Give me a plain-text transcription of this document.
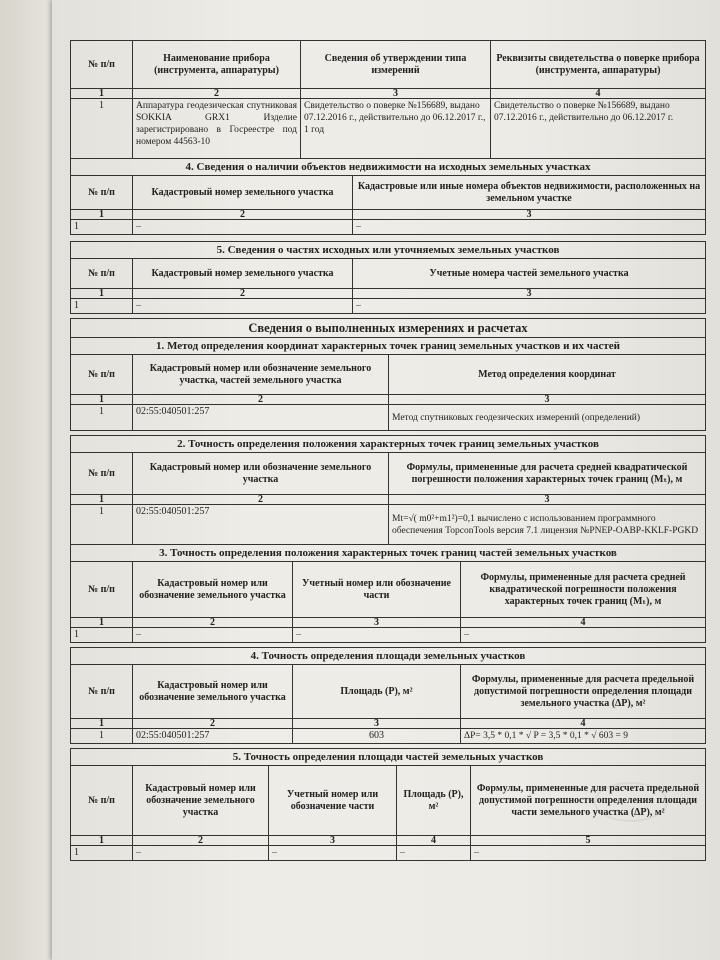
№ п/п	Наименование прибора (инструмента, аппаратуры)	Сведения об утверждении типа измерений	Реквизиты свидетельства о поверке прибора (инструмента, аппаратуры)
1	2	3	4
1	Аппаратура геодезическая спутниковая SOKKIA GRX1 Изделие зарегистрировано в Госреестре под номером 44563-10	Свидетельство о поверке №156689, выдано 07.12.2016 г., действительно до 06.12.2017 г., 1 год	Свидетельство о поверке №156689, выдано 07.12.2016 г., действительно до 06.12.2017 г.
4. Сведения о наличии объектов недвижимости на исходных земельных участках		
№ п/п	Кадастровый номер земельного участка	Кадастровые или иные номера объектов недвижимости, расположенных на земельном участке
1	2	3
1	–	–
5. Сведения о частях исходных или уточняемых земельных участков		
№ п/п	Кадастровый номер земельного участка	Учетные номера частей земельного участка
1	2	3
1	–	–
Сведения о выполненных измерениях и расчетах
1. Метод определения координат характерных точек границ земельных участков и их частей		
№ п/п	Кадастровый номер или обозначение земельного участка, частей земельного участка	Метод определения координат
1	2	3
1	02:55:040501:257	Метод спутниковых геодезических измерений (определений)
2. Точность определения положения характерных точек границ земельных участков		
№ п/п	Кадастровый номер или обозначение земельного участка	Формулы, примененные для расчета средней квадратической погрешности положения характерных точек границ (Mₜ), м
1	2	3
1	02:55:040501:257	Mt=√( m0²+m1²)=0,1 вычислено с использованием программного обеспечения TopconTools версия 7.1 лицензия №PNEP-OABP-KKLF-PGKD
3. Точность определения положения характерных точек границ частей земельных участков			
№ п/п	Кадастровый номер или обозначение земельного участка	Учетный номер или обозначение части	Формулы, примененные для расчета средней квадратической погрешности положения характерных точек границ (Mₜ), м
1	2	3	4
1	–	–	–
4. Точность определения площади земельных участков			
№ п/п	Кадастровый номер или обозначение земельного участка	Площадь (P), м²	Формулы, примененные для расчета предельной допустимой погрешности определения площади земельного участка (ΔP), м²
1	2	3	4
1	02:55:040501:257	603	ΔP= 3,5 * 0,1 * √ P = 3,5 * 0,1 * √ 603 = 9
5. Точность определения площади частей земельных участков				
№ п/п	Кадастровый номер или обозначение земельного участка	Учетный номер или обозначение части	Площадь (P), м²	Формулы, примененные для расчета предельной допустимой погрешности определения площади части земельного участка (ΔP), м²
1	2	3	4	5
1	–	–	–	–
